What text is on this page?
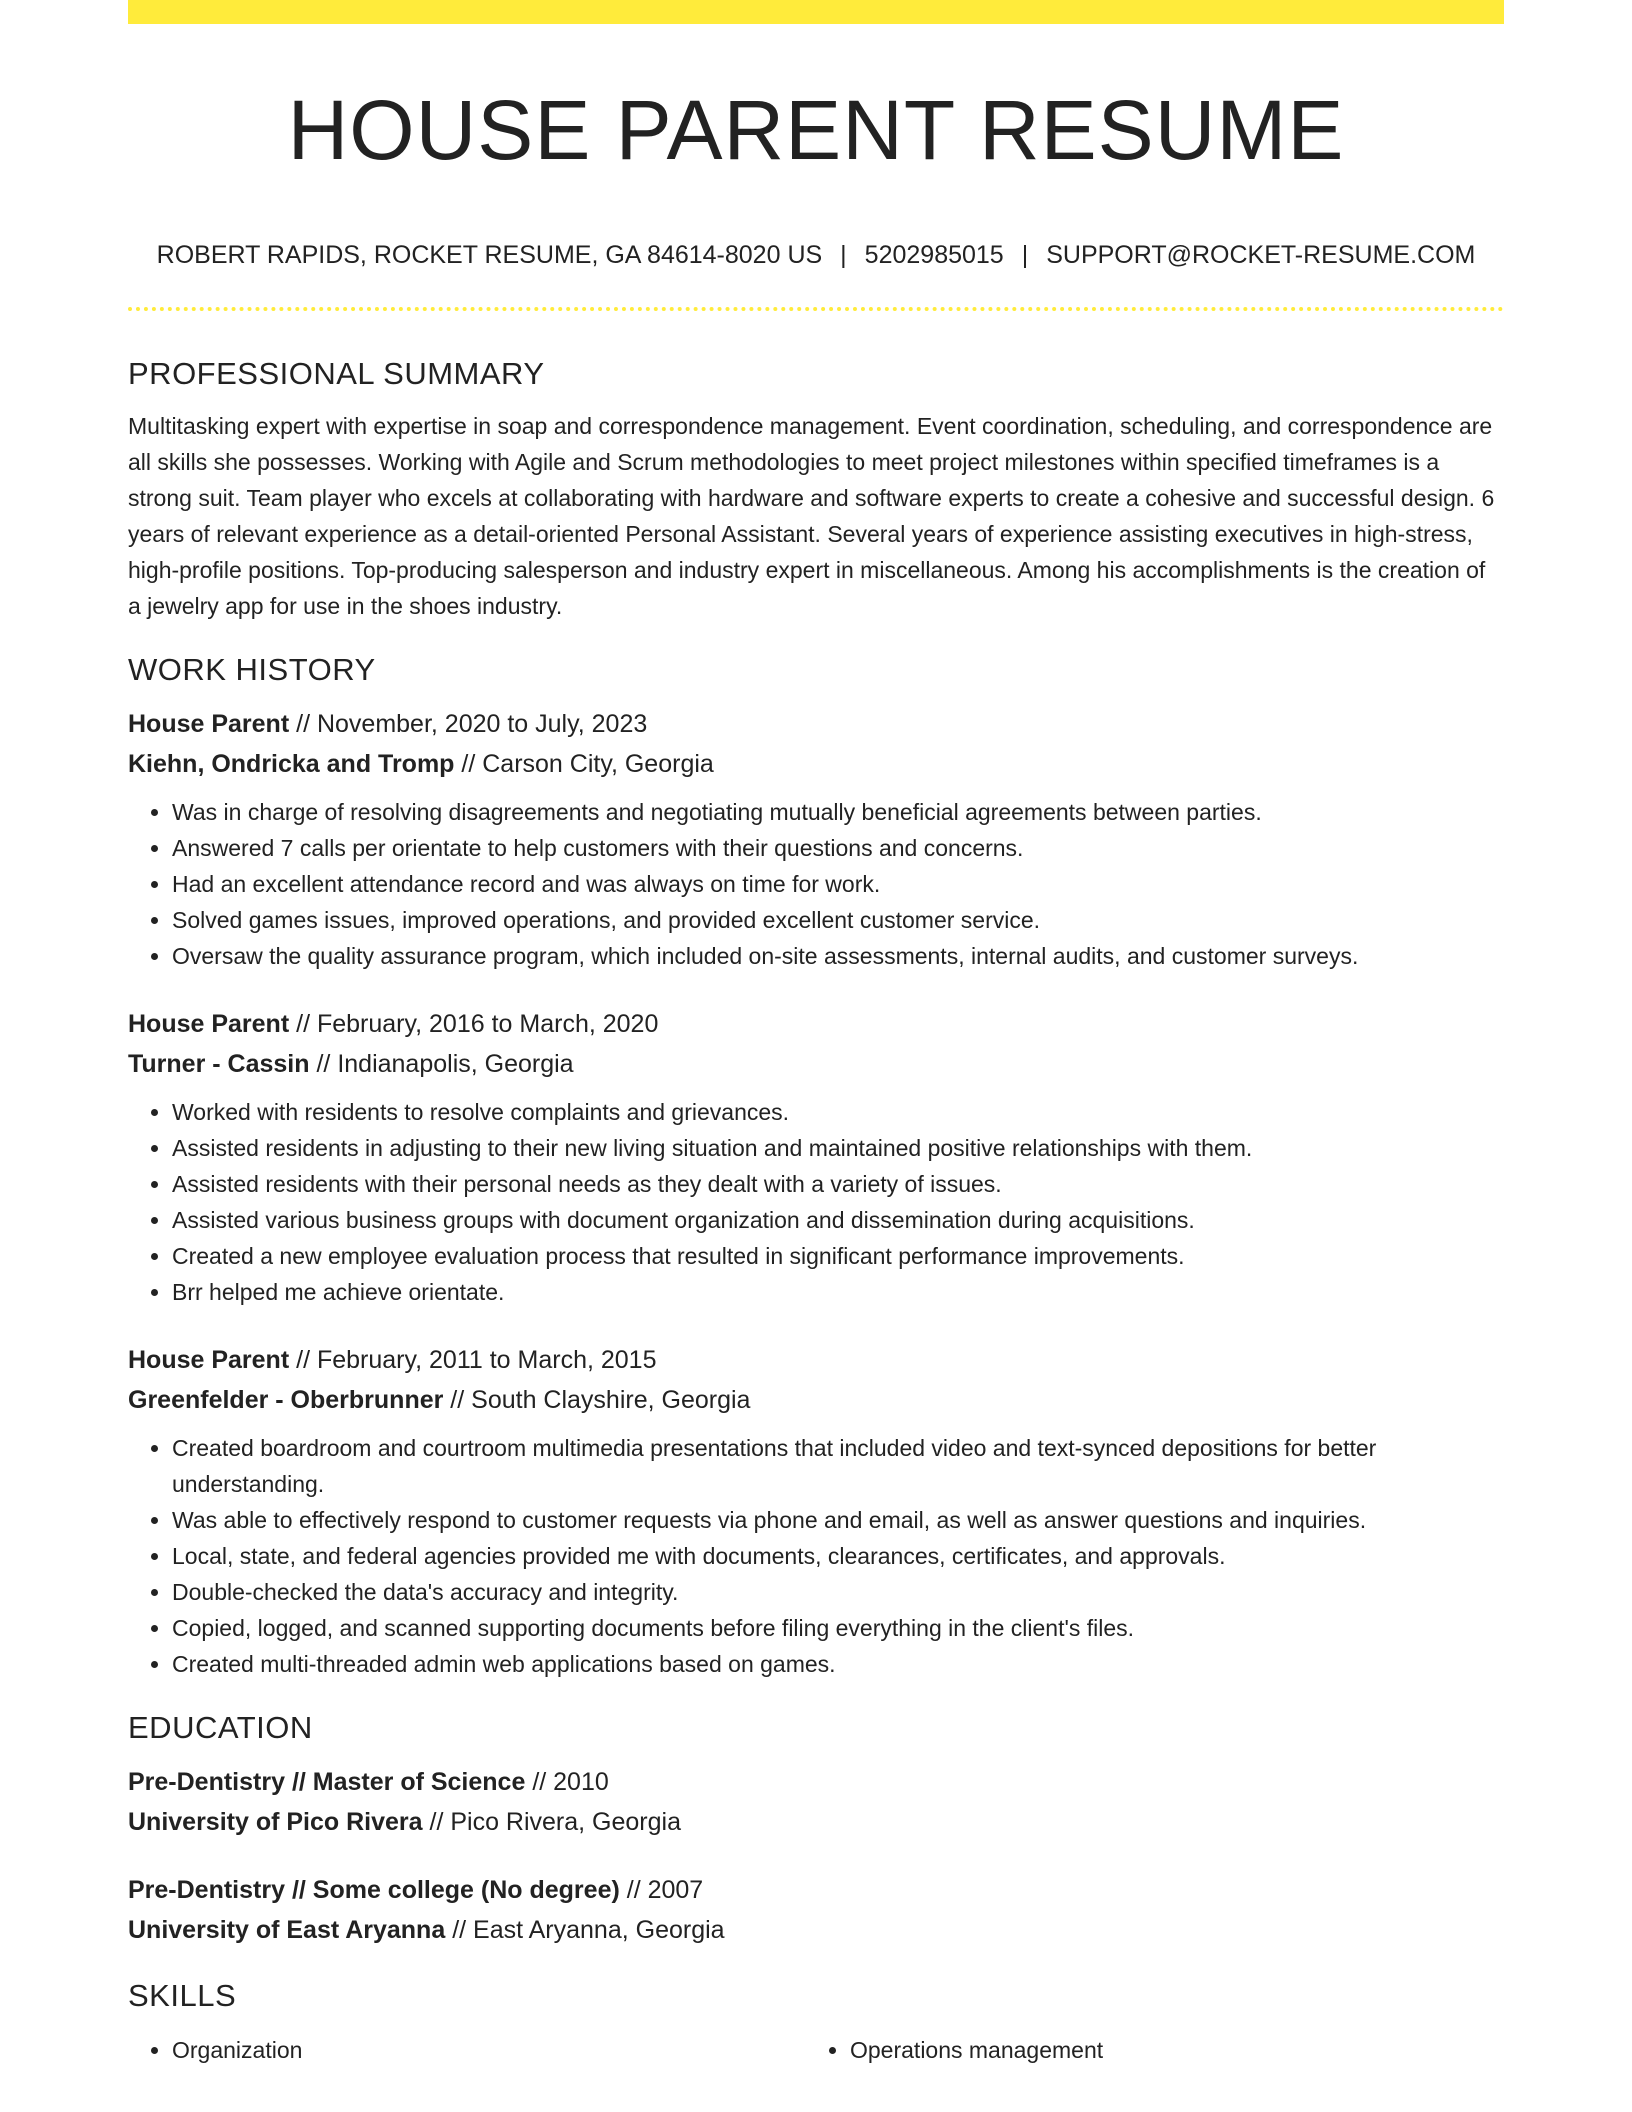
HOUSE PARENT RESUME
ROBERT RAPIDS, ROCKET RESUME, GA 84614-8020 US | 5202985015 | SUPPORT@ROCKET-RESUME.COM
PROFESSIONAL SUMMARY

Multitasking expert with expertise in soap and correspondence management. Event coordination, scheduling, and correspondence are all skills she possesses. Working with Agile and Scrum methodologies to meet project milestones within specified timeframes is a strong suit. Team player who excels at collaborating with hardware and software experts to create a cohesive and successful design. 6 years of relevant experience as a detail-oriented Personal Assistant. Several years of experience assisting executives in high-stress, high-profile positions. Top-producing salesperson and industry expert in miscellaneous. Among his accomplishments is the creation of a jewelry app for use in the shoes industry.

WORK HISTORY
House Parent // November, 2020 to July, 2023
Kiehn, Ondricka and Tromp // Carson City, Georgia
• Was in charge of resolving disagreements and negotiating mutually beneficial agreements between parties.
• Answered 7 calls per orientate to help customers with their questions and concerns.
• Had an excellent attendance record and was always on time for work.
• Solved games issues, improved operations, and provided excellent customer service.
• Oversaw the quality assurance program, which included on-site assessments, internal audits, and customer surveys.
House Parent // February, 2016 to March, 2020
Turner - Cassin // Indianapolis, Georgia
• Worked with residents to resolve complaints and grievances.
• Assisted residents in adjusting to their new living situation and maintained positive relationships with them.
• Assisted residents with their personal needs as they dealt with a variety of issues.
• Assisted various business groups with document organization and dissemination during acquisitions.
• Created a new employee evaluation process that resulted in significant performance improvements.
• Brr helped me achieve orientate.
House Parent // February, 2011 to March, 2015
Greenfelder - Oberbrunner // South Clayshire, Georgia
• Created boardroom and courtroom multimedia presentations that included video and text-synced depositions for better understanding.
• Was able to effectively respond to customer requests via phone and email, as well as answer questions and inquiries.
• Local, state, and federal agencies provided me with documents, clearances, certificates, and approvals.
• Double-checked the data's accuracy and integrity.
• Copied, logged, and scanned supporting documents before filing everything in the client's files.
• Created multi-threaded admin web applications based on games.
EDUCATION
Pre-Dentistry // Master of Science // 2010
University of Pico Rivera // Pico Rivera, Georgia
Pre-Dentistry // Some college (No degree) // 2007
University of East Aryanna // East Aryanna, Georgia
SKILLS
• Organization
•	Operations management
